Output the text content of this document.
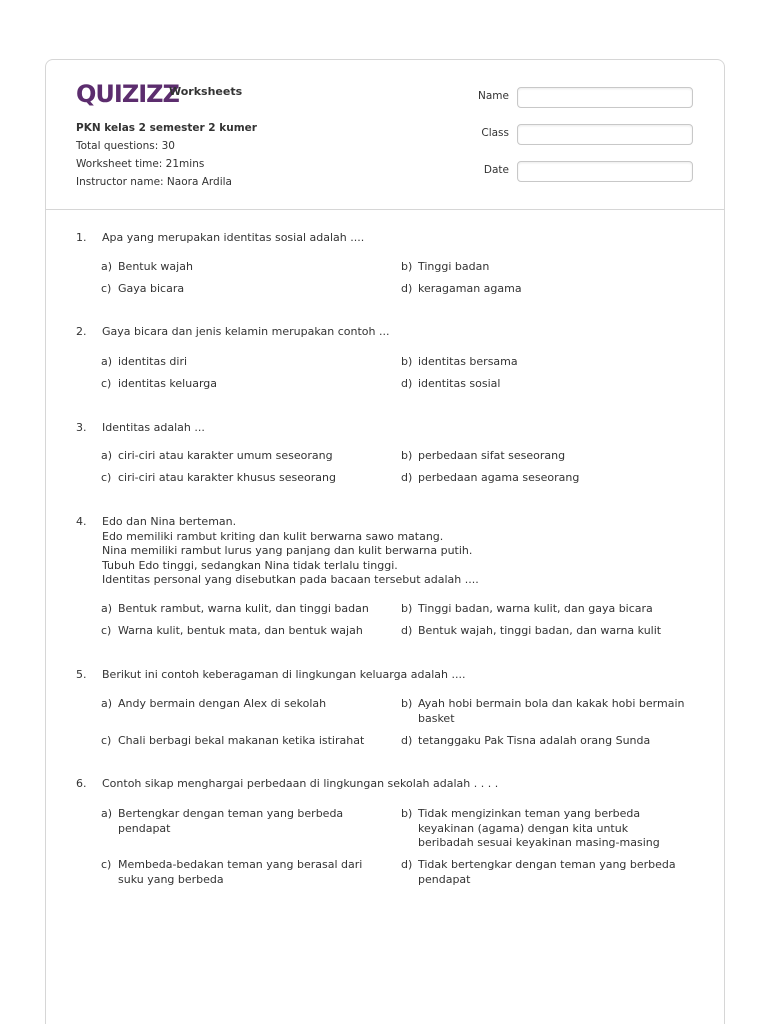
QUIZIZZ
Worksheets
PKN kelas 2 semester 2 kumer
Total questions: 30
Worksheet time: 21mins
Instructor name: Naora Ardila
Name
Class
Date
1.	Apa yang merupakan identitas sosial adalah ....
a) Bentuk wajah	b) Tinggi badan
c) Gaya bicara	d) keragaman agama
2.	Gaya bicara dan jenis kelamin merupakan contoh ...
a) identitas diri	b) identitas bersama
c) identitas keluarga	d) identitas sosial
3.	Identitas adalah ...
a) ciri-ciri atau karakter umum seseorang	b) perbedaan sifat seseorang
c) ciri-ciri atau karakter khusus seseorang	d) perbedaan agama seseorang
4.	Edo dan Nina berteman.
Edo memiliki rambut kriting dan kulit berwarna sawo matang.
Nina memiliki rambut lurus yang panjang dan kulit berwarna putih.
Tubuh Edo tinggi, sedangkan Nina tidak terlalu tinggi.
Identitas personal yang disebutkan pada bacaan tersebut adalah ....
a) Bentuk rambut, warna kulit, dan tinggi badan	b) Tinggi badan, warna kulit, dan gaya bicara
c) Warna kulit, bentuk mata, dan bentuk wajah	d) Bentuk wajah, tinggi badan, dan warna kulit
5.	Berikut ini contoh keberagaman di lingkungan keluarga adalah ....
a) Andy bermain dengan Alex di sekolah	b) Ayah hobi bermain bola dan kakak hobi bermain basket
c) Chali berbagi bekal makanan ketika istirahat	d) tetanggaku Pak Tisna adalah orang Sunda
6.	Contoh sikap menghargai perbedaan di lingkungan sekolah adalah . . . .
a) Bertengkar dengan teman yang berbeda pendapat
b) Tidak mengizinkan teman yang berbeda keyakinan (agama) dengan kita untuk beribadah sesuai keyakinan masing-masing
c) Membeda-bedakan teman yang berasal dari suku yang berbeda
d) Tidak bertengkar dengan teman yang berbeda pendapat
